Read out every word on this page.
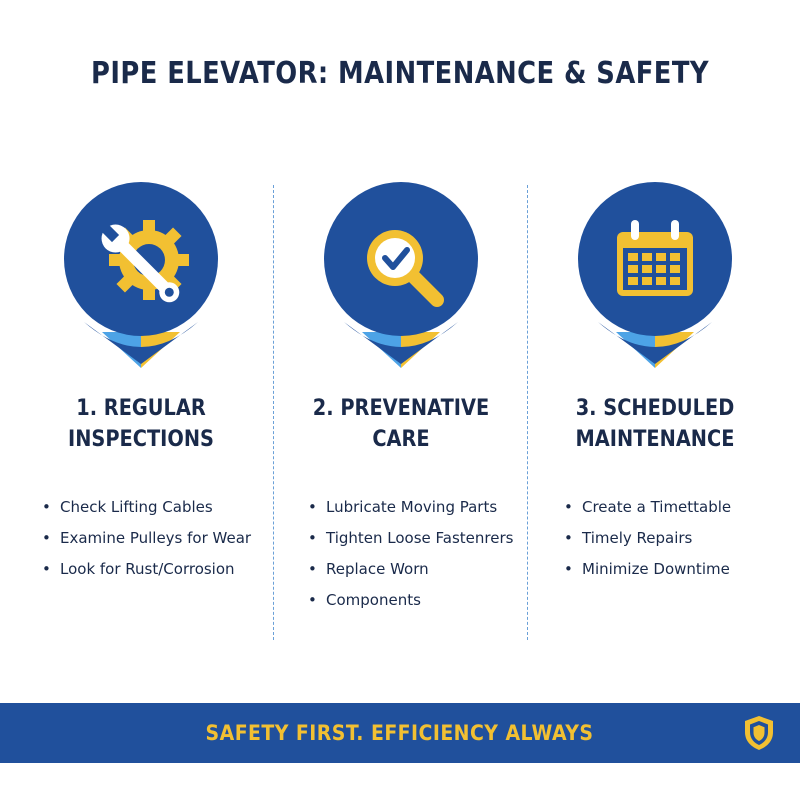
PIPE ELEVATOR: MAINTENANCE & SAFETY
1. REGULAR
INSPECTIONS
• Check Lifting Cables
• Examine Pulleys for Wear
• Look for Rust/Corrosion
2. PREVENATIVE
CARE
• Lubricate Moving Parts
• Tighten Loose Fastenrers
• Replace Worn
• Components
3. SCHEDULED
MAINTENANCE
• Create a Timettable
• Timely Repairs
• Minimize Downtime
SAFETY FIRST. EFFICIENCY ALWAYS
